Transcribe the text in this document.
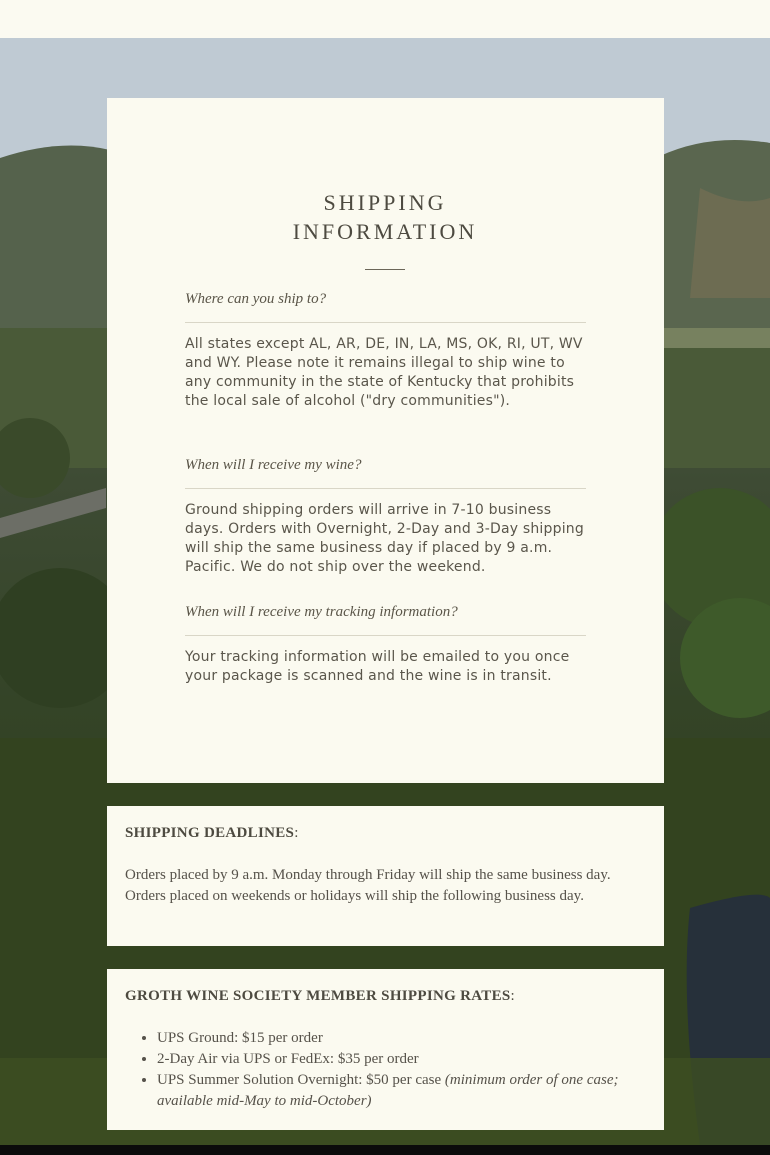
SHIPPING
INFORMATION
Where can you ship to?
All states except AL, AR, DE, IN, LA, MS, OK, RI, UT, WV and WY. Please note it remains illegal to ship wine to any community in the state of Kentucky that prohibits the local sale of alcohol ("dry communities").
When will I receive my wine?
Ground shipping orders will arrive in 7-10 business days. Orders with Overnight, 2-Day and 3-Day shipping will ship the same business day if placed by 9 a.m. Pacific. We do not ship over the weekend.
When will I receive my tracking information?
Your tracking information will be emailed to you once your package is scanned and the wine is in transit.
SHIPPING DEADLINES:
Orders placed by 9 a.m. Monday through Friday will ship the same business day. Orders placed on weekends or holidays will ship the following business day.
GROTH WINE SOCIETY MEMBER SHIPPING RATES:
• UPS Ground: $15 per order
• 2-Day Air via UPS or FedEx: $35 per order
• UPS Summer Solution Overnight: $50 per case (minimum order of one case; available mid-May to mid-October)
